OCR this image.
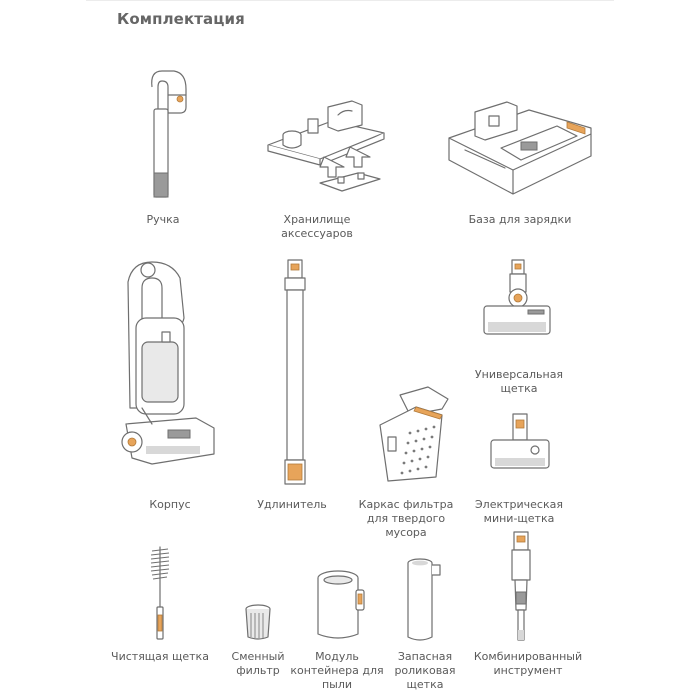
Комплектация
Ручка	Хранилище
аксессуаров
База для зарядки
Корпус	Удлинитель	Каркас фильтра
для твердого
мусора
Универсальная
щетка
Электрическая
мини-щетка
Чистящая щетка	Сменный
фильтр
Модуль
контейнера для
пыли
Запасная
роликовая
щетка
Комбинированный
инструмент
